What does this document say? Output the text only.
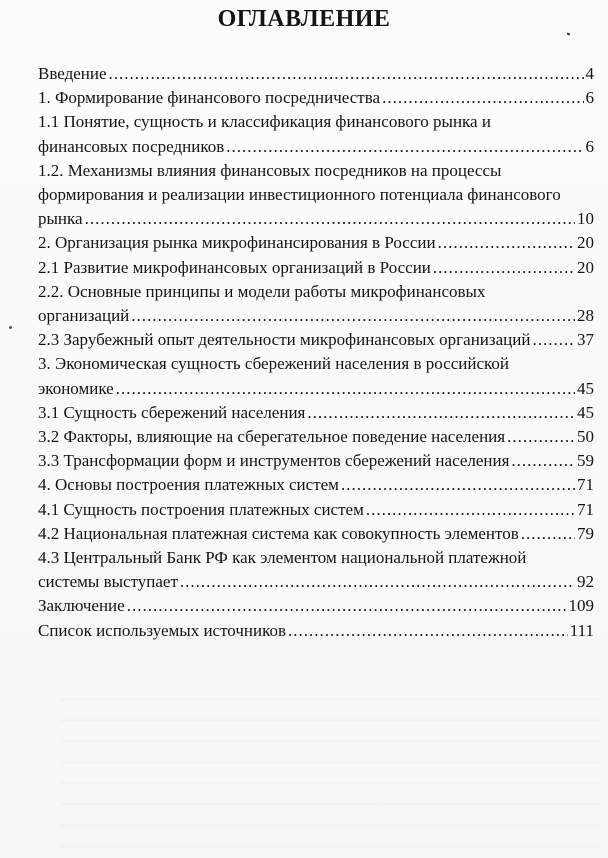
ОГЛАВЛЕНИЕ
Введение .....	4
1. Формирование финансового посредничества .....	6
1.1 Понятие, сущность и классификация финансового рынка и
финансовых посредников .....	6
1.2. Механизмы влияния финансовых посредников на процессы
формирования и реализации инвестиционного потенциала финансового
рынка .....	10
2. Организация рынка микрофинансирования в России .....	20
2.1 Развитие микрофинансовых организаций в России .....	20
2.2. Основные принципы и модели работы микрофинансовых
организаций .....	28
2.3 Зарубежный опыт деятельности микрофинансовых организаций .....	37
3. Экономическая сущность сбережений населения в российской
экономике .....	45
3.1 Сущность сбережений населения .....	45
3.2 Факторы, влияющие на сберегательное поведение населения .....	50
3.3 Трансформации форм и инструментов сбережений населения .....	59
4. Основы построения платежных систем .....	71
4.1 Сущность построения платежных систем .....	71
4.2 Национальная платежная система как совокупность элементов .....	79
4.3 Центральный Банк РФ как элементом национальной платежной
системы выступает .....	92
Заключение .....	109
Список используемых источников .....	111
